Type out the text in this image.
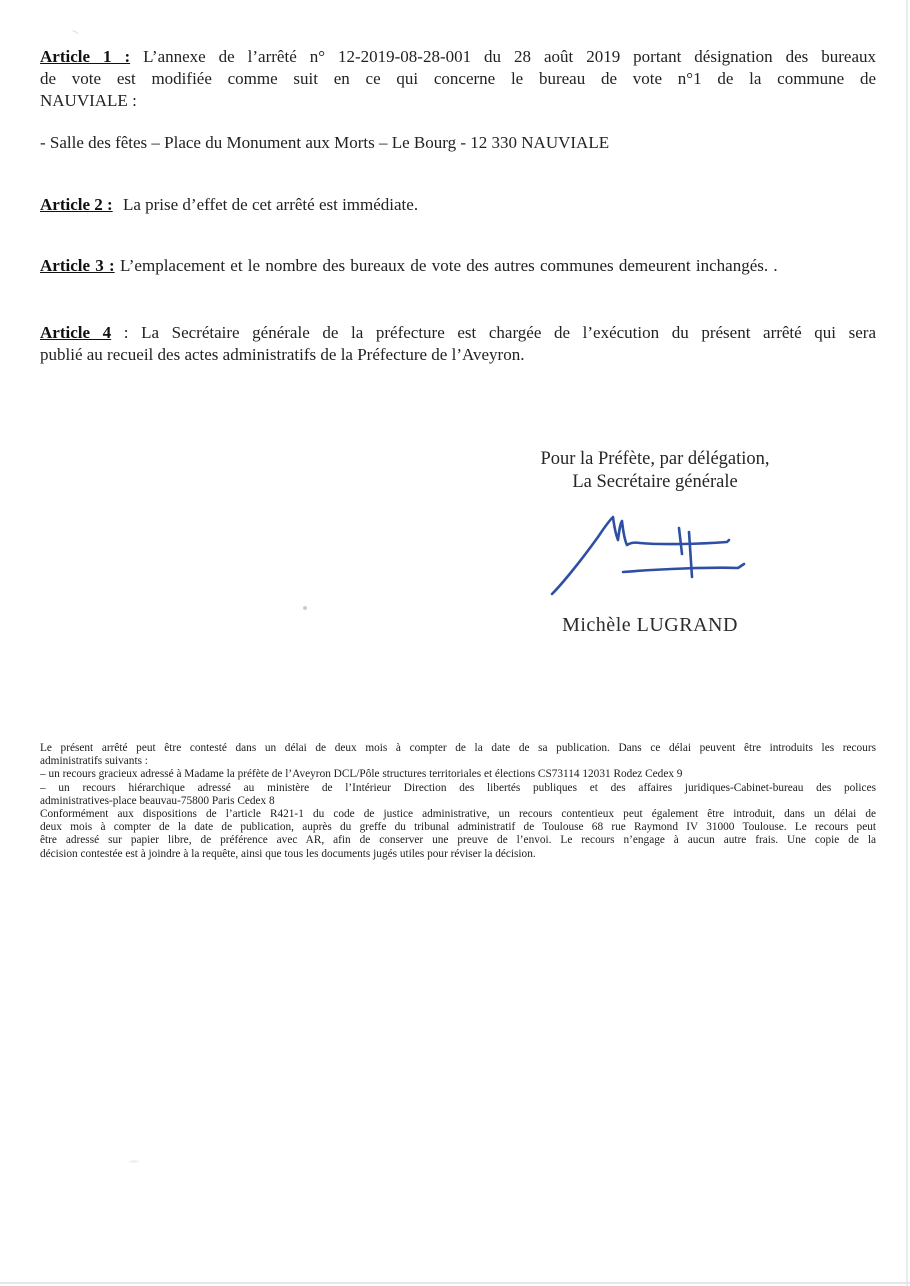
Article 1 : L’annexe de l’arrêté n° 12-2019-08-28-001 du 28 août 2019 portant désignation des bureaux
de vote est modifiée comme suit en ce qui concerne le bureau de vote n°1 de la commune de
NAUVIALE :
- Salle des fêtes – Place du Monument aux Morts – Le Bourg - 12 330 NAUVIALE
Article 2 : La prise d’effet de cet arrêté est immédiate.
Article 3 : L’emplacement et le nombre des bureaux de vote des autres communes demeurent inchangés. .
Article 4 : La Secrétaire générale de la préfecture est chargée de l’exécution du présent arrêté qui sera
publié au recueil des actes administratifs de la Préfecture de l’Aveyron.
Pour la Préfète, par délégation,
La Secrétaire générale
Michèle LUGRAND
Le présent arrêté peut être contesté dans un délai de deux mois à compter de la date de sa publication. Dans ce délai peuvent être introduits les recours
administratifs suivants :
– un recours gracieux adressé à Madame la préfète de l’Aveyron DCL/Pôle structures territoriales et élections CS73114 12031 Rodez Cedex 9
– un recours hiérarchique adressé au ministère de l’Intérieur Direction des libertés publiques et des affaires juridiques-Cabinet-bureau des polices
administratives-place beauvau-75800 Paris Cedex 8
Conformément aux dispositions de l’article R421-1 du code de justice administrative, un recours contentieux peut également être introduit, dans un délai de
deux mois à compter de la date de publication, auprès du greffe du tribunal administratif de Toulouse 68 rue Raymond IV 31000 Toulouse. Le recours peut
être adressé sur papier libre, de préférence avec AR, afin de conserver une preuve de l’envoi. Le recours n’engage à aucun autre frais. Une copie de la
décision contestée est à joindre à la requête, ainsi que tous les documents jugés utiles pour réviser la décision.
